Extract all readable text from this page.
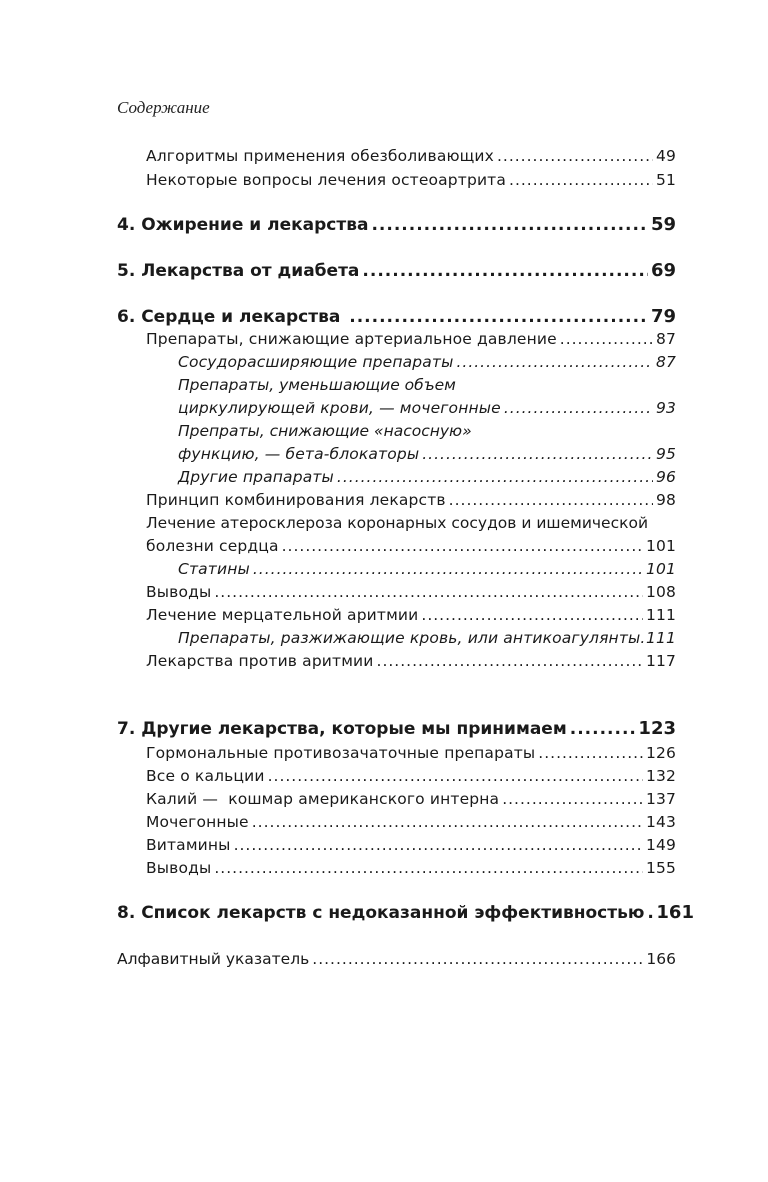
Содержание
Алгоритмы применения обезболивающих .....	49
Некоторые вопросы лечения остеоартрита .....	51
4. Ожирение и лекарства .....	59
5. Лекарства от диабета .....	69
6. Сердце и лекарства .....	79
Препараты, снижающие артериальное давление .....	87
Сосудорасширяющие препараты .....	87
Препараты, уменьшающие объем
циркулирующей крови, — мочегонные .....	93
Препраты, снижающие «насосную»
функцию, — бета-блокаторы .....	95
Другие прапараты .....	96
Принцип комбинирования лекарств .....	98
Лечение атеросклероза коронарных сосудов и ишемической
болезни сердца .....	101
Статины .....	101
Выводы .....	108
Лечение мерцательной аритмии .....	111
Препараты, разжижающие кровь, или антикоагулянты ..... 111
Лекарства против аритмии .....	117
7. Другие лекарства, которые мы принимаем .....	123
Гормональные противозачаточные препараты .....	126
Все о кальции .....	132
Калий —  кошмар американского интерна .....	137
Мочегонные .....	143
Витамины .....	149
Выводы .....	155
8. Список лекарств с недоказанной эффективностью ..... 161
Алфавитный указатель .....	166
